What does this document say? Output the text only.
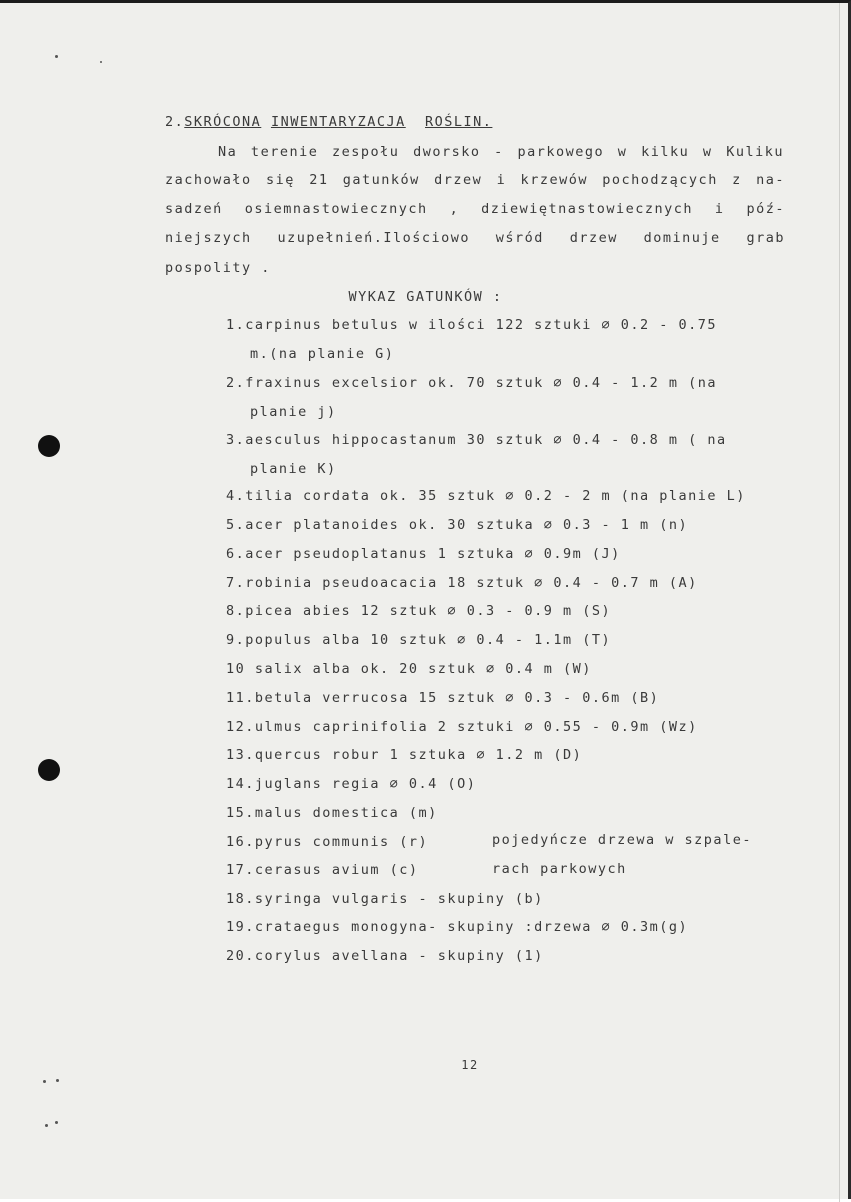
2.SKRÓCONA INWENTARYZACJA ROŚLIN.
Na terenie zespołu dworsko - parkowego w kilku w Kuliku
zachowało się 21 gatunków drzew i krzewów pochodzących z na-
sadzeń osiemnastowiecznych , dziewiętnastowiecznych i póź-
niejszych uzupełnień.Ilościowo wśród drzew dominuje grab
pospolity .
WYKAZ GATUNKÓW :
1.carpinus betulus w ilości 122 sztuki ⌀ 0.2 - 0.75
m.(na planie G)
2.fraxinus excelsior ok. 70 sztuk ⌀ 0.4 - 1.2 m (na
planie j)
3.aesculus hippocastanum 30 sztuk ⌀ 0.4 - 0.8 m ( na
planie K)
4.tilia cordata ok. 35 sztuk ⌀ 0.2 - 2 m (na planie L)
5.acer platanoides ok. 30 sztuka ⌀ 0.3 - 1 m (n)
6.acer pseudoplatanus 1 sztuka ⌀ 0.9m (J)
7.robinia pseudoacacia 18 sztuk ⌀ 0.4 - 0.7 m (A)
8.picea abies 12 sztuk ⌀ 0.3 - 0.9 m (S)
9.populus alba 10 sztuk ⌀ 0.4 - 1.1m (T)
10 salix alba ok. 20 sztuk ⌀ 0.4 m (W)
11.betula verrucosa 15 sztuk ⌀ 0.3 - 0.6m (B)
12.ulmus caprinifolia 2 sztuki ⌀ 0.55 - 0.9m (Wz)
13.quercus robur 1 sztuka ⌀ 1.2 m (D)
14.juglans regia ⌀ 0.4 (O)
15.malus domestica (m)
16.pyrus communis (r)	pojedyńcze drzewa w szpale-
17.cerasus avium (c)	rach parkowych
18.syringa vulgaris - skupiny (b)
19.crataegus monogyna- skupiny :drzewa ⌀ 0.3m(g)
20.corylus avellana - skupiny (1)
12
